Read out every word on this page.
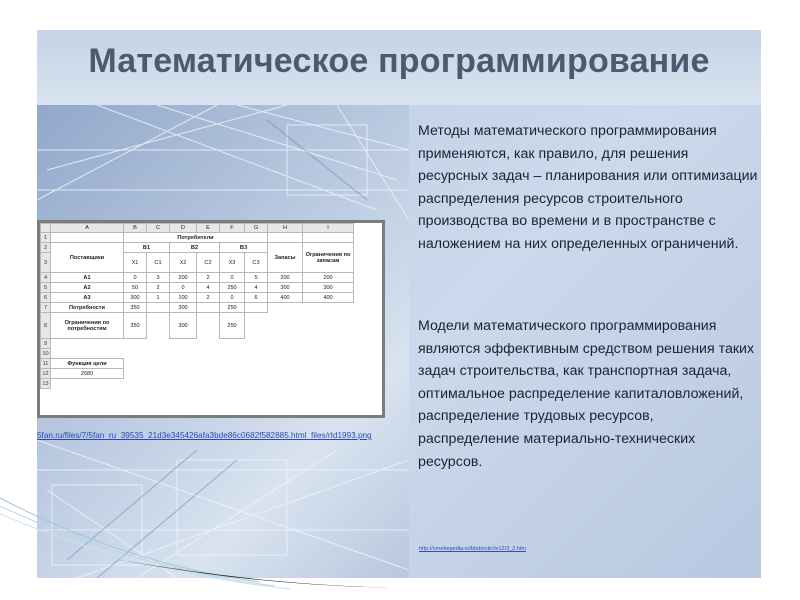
Математическое программирование
Методы математического программирования применяются, как правило, для решения ресурсных задач – планирования или оптимизации распределения ресурсов строительного производства во времени и в пространстве с наложением на них определенных ограничений.
Модели математического программирования являются эффективным средством решения таких задач строительства, как транспортная задача, оптимальное распределение капиталовложений, распределение трудовых ресурсов, распределение материально-технических ресурсов.
http://cerebepedia.ru/bbd/ectic/ix12/3_2.htm
	A	B	C	D	E	F	G	H	I
1		Потребители							
2	Поставщики	В1		В2		В3		Запасы	Ограничения по запасам
3		Х1	С1	Х2	С2	Х3	С3		
4	А1	0	3	200	2	0	5	200	200
5	А2	50	2	0	4	250	4	300	300
6	А3	300	1	100	2	0	6	400	400
7	Потребности	350		300		250			
8	Ограничения по потребностям	350		300		250			
9									
10									
11	Функция цели								
12	2680								
13									
5fan.ru/files/7/5fan_ru_39535_21d3e345426afa3bde86c0682f582885.html_files/rId1993.png
